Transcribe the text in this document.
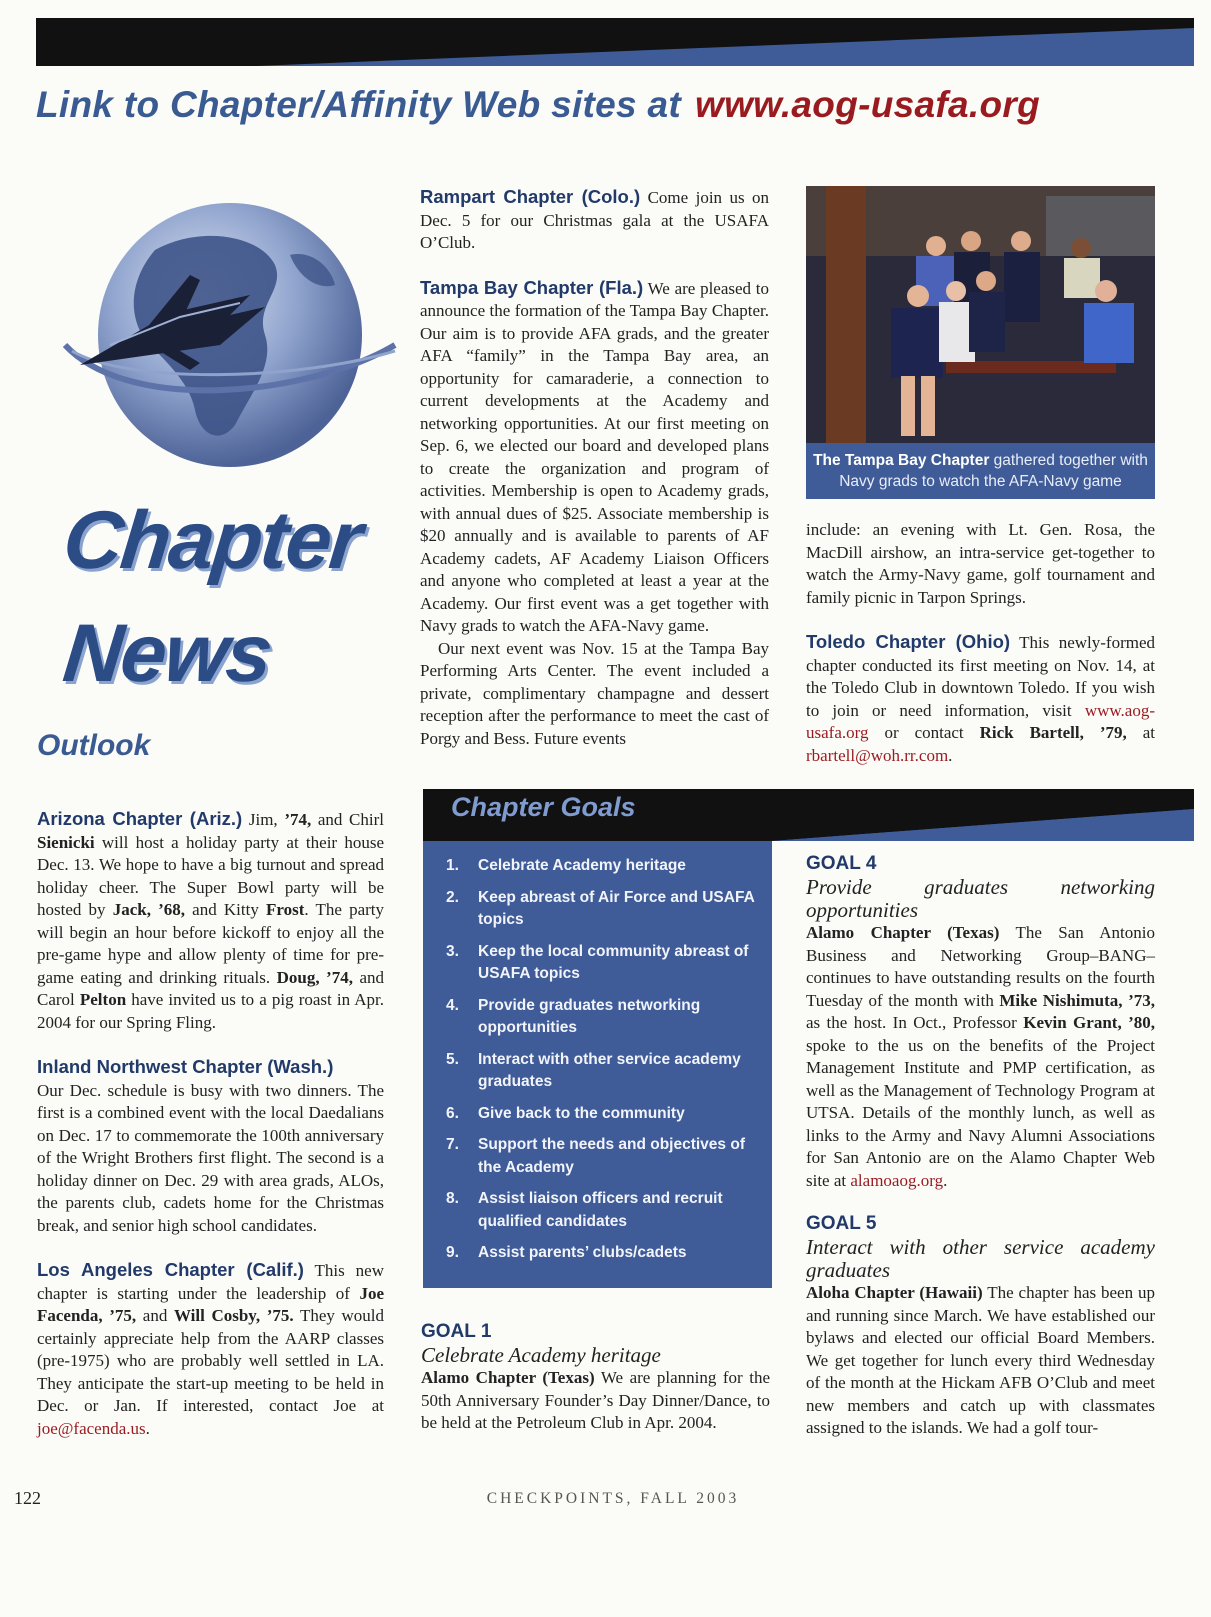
Link to Chapter/Affinity Web sites at www.aog-usafa.org
Chapter
News
Outlook

Arizona Chapter (Ariz.) Jim, ’74, and Chirl Sienicki will host a holiday party at their house Dec. 13. We hope to have a big turnout and spread holiday cheer. The Super Bowl party will be hosted by Jack, ’68, and Kitty Frost. The party will begin an hour before kickoff to enjoy all the pre-game hype and allow plenty of time for pre-game eating and drinking rituals. Doug, ’74, and Carol Pelton have invited us to a pig roast in Apr. 2004 for our Spring Fling.

Inland Northwest Chapter (Wash.)
Our Dec. schedule is busy with two dinners. The first is a combined event with the local Daedalians on Dec. 17 to commemorate the 100th anniversary of the Wright Brothers first flight. The second is a holiday dinner on Dec. 29 with area grads, ALOs, the parents club, cadets home for the Christmas break, and senior high school candidates.

Los Angeles Chapter (Calif.) This new chapter is starting under the leadership of Joe Facenda, ’75, and Will Cosby, ’75. They would certainly appreciate help from the AARP classes (pre-1975) who are probably well settled in LA. They anticipate the start-up meeting to be held in Dec. or Jan. If interested, contact Joe at joe@facenda.us.

Rampart Chapter (Colo.) Come join us on Dec. 5 for our Christmas gala at the USAFA O’Club.

Tampa Bay Chapter (Fla.) We are pleased to announce the formation of the Tampa Bay Chapter. Our aim is to provide AFA grads, and the greater AFA “family” in the Tampa Bay area, an opportunity for camaraderie, a connection to current developments at the Academy and networking opportunities. At our first meeting on Sep. 6, we elected our board and developed plans to create the organization and program of activities. Membership is open to Academy grads, with annual dues of $25. Associate membership is $20 annually and is available to parents of AF Academy cadets, AF Academy Liaison Officers and anyone who completed at least a year at the Academy. Our first event was a get together with Navy grads to watch the AFA-Navy game.

Our next event was Nov. 15 at the Tampa Bay Performing Arts Center. The event included a private, complimentary champagne and dessert reception after the performance to meet the cast of Porgy and Bess. Future events

The Tampa Bay Chapter gathered together with Navy grads to watch the AFA-Navy game

include: an evening with Lt. Gen. Rosa, the MacDill airshow, an intra-service get-together to watch the Army-Navy game, golf tournament and family picnic in Tarpon Springs.

Toledo Chapter (Ohio) This newly-formed chapter conducted its first meeting on Nov. 14, at the Toledo Club in downtown Toledo. If you wish to join or need information, visit www.aog-usafa.org or contact Rick Bartell, ’79, at rbartell@woh.rr.com.

Chapter Goals
1.	Celebrate Academy heritage
2.	Keep abreast of Air Force and USAFA topics
3.	Keep the local community abreast of USAFA topics
4.	Provide graduates networking opportunities
5.	Interact with other service academy graduates
6.	Give back to the community
7.	Support the needs and objectives of the Academy
8.	Assist liaison officers and recruit qualified candidates
9.	Assist parents’ clubs/cadets
GOAL 1
Celebrate Academy heritage

Alamo Chapter (Texas) We are planning for the 50th Anniversary Founder’s Day Dinner/Dance, to be held at the Petroleum Club in Apr. 2004.

GOAL 4
Provide graduates networking opportunities

Alamo Chapter (Texas) The San Antonio Business and Networking Group–BANG–continues to have outstanding results on the fourth Tuesday of the month with Mike Nishimuta, ’73, as the host. In Oct., Professor Kevin Grant, ’80, spoke to the us on the benefits of the Project Management Institute and PMP certification, as well as the Management of Technology Program at UTSA. Details of the monthly lunch, as well as links to the Army and Navy Alumni Associations for San Antonio are on the Alamo Chapter Web site at alamoaog.org.

GOAL 5
Interact with other service academy graduates

Aloha Chapter (Hawaii) The chapter has been up and running since March. We have established our bylaws and elected our official Board Members. We get together for lunch every third Wednesday of the month at the Hickam AFB O’Club and meet new members and catch up with classmates assigned to the islands. We had a golf tour-

122	CHECKPOINTS, FALL 2003
